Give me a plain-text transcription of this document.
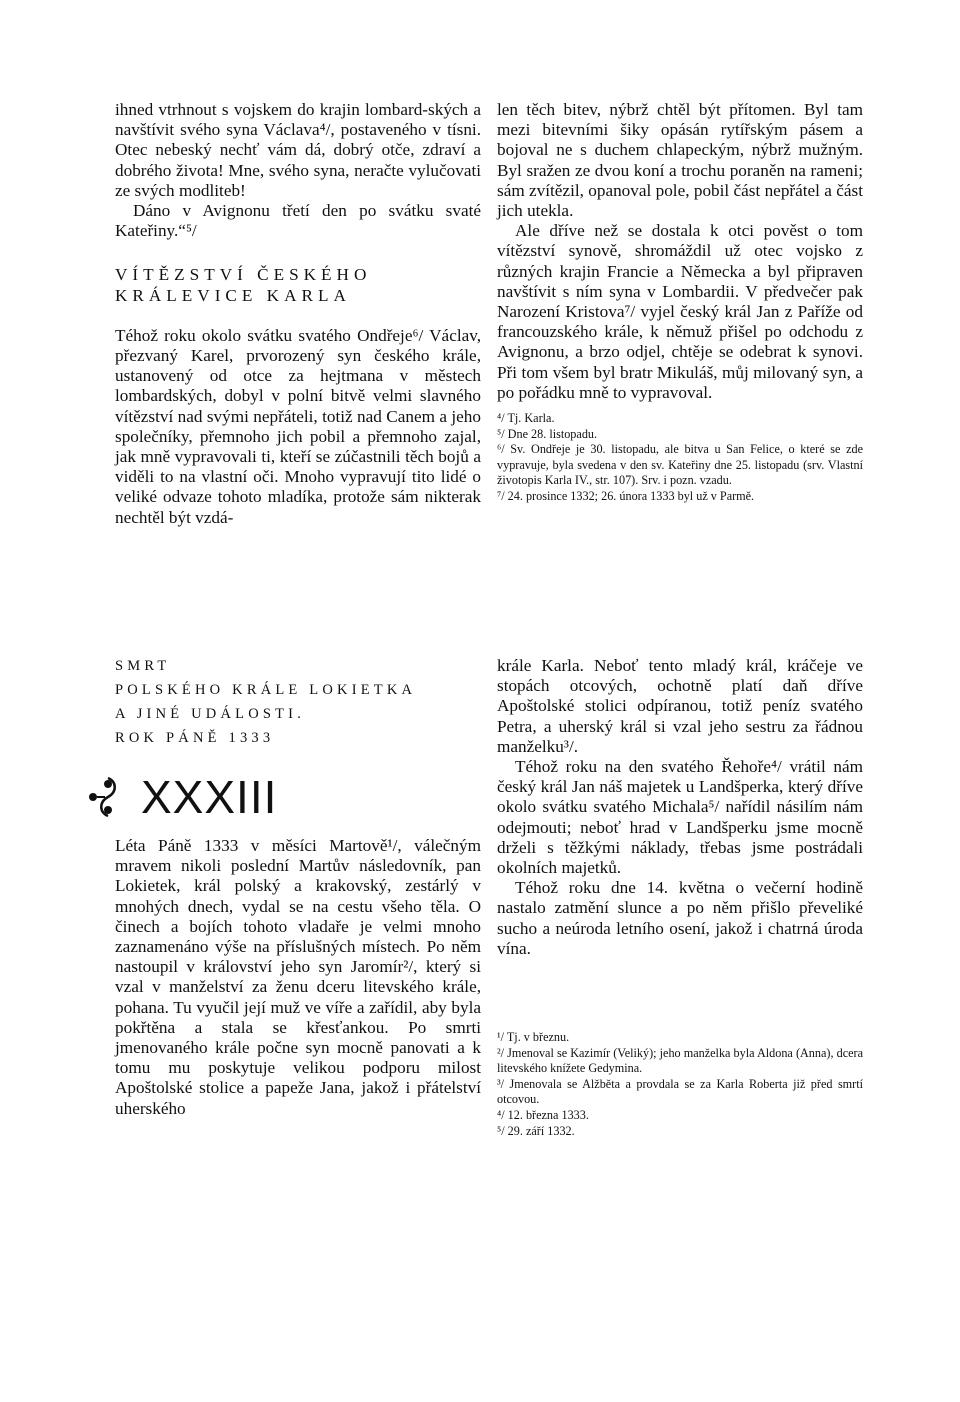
ihned vtrhnout s vojskem do krajin lombard-ských a navštívit svého syna Václava⁴/, postaveného v tísni. Otec nebeský nechť vám dá, dobrý otče, zdraví a dobrého života! Mne, svého syna, neračte vylučovati ze svých modliteb!

Dáno v Avignonu třetí den po svátku svaté Kateřiny.“⁵/

VÍTĚZSTVÍ ČESKÉHO

KRÁLEVICE KARLA

Téhož roku okolo svátku svatého Ondřeje⁶/ Václav, přezvaný Karel, prvorozený syn českého krále, ustanovený od otce za hejtmana v městech lombardských, dobyl v polní bitvě velmi slavného vítězství nad svými nepřáteli, totiž nad Canem a jeho společníky, přemnoho jich pobil a přemnoho zajal, jak mně vypravovali ti, kteří se zúčastnili těch bojů a viděli to na vlastní oči. Mnoho vypravují tito lidé o veliké odvaze tohoto mladíka, protože sám nikterak nechtěl být vzdá-

len těch bitev, nýbrž chtěl být přítomen. Byl tam mezi bitevními šiky opásán rytířským pásem a bojoval ne s duchem chlapeckým, nýbrž mužným. Byl sražen ze dvou koní a trochu poraněn na rameni; sám zvítězil, opanoval pole, pobil část nepřátel a část jich utekla.

Ale dříve než se dostala k otci pověst o tom vítězství synově, shromáždil už otec vojsko z různých krajin Francie a Německa a byl připraven navštívit s ním syna v Lombardii. V předvečer pak Narození Kristova⁷/ vyjel český král Jan z Paříže od francouzského krále, k němuž přišel po odchodu z Avignonu, a brzo odjel, chtěje se odebrat k synovi. Při tom všem byl bratr Mikuláš, můj milovaný syn, a po pořádku mně to vypravoval.

⁴/ Tj. Karla.

⁵/ Dne 28. listopadu.

⁶/ Sv. Ondřeje je 30. listopadu, ale bitva u San Felice, o které se zde vypravuje, byla svedena v den sv. Kateřiny dne 25. listopadu (srv. Vlastní životopis Karla IV., str. 107). Srv. i pozn. vzadu.

⁷/ 24. prosince 1332; 26. února 1333 byl už v Parmě.

SMRT

POLSKÉHO KRÁLE LOKIETKA

A JINÉ UDÁLOSTI.

ROK PÁNĚ 1333

XXXIII

Léta Páně 1333 v měsíci Martově¹/, válečným mravem nikoli poslední Martův následovník, pan Lokietek, král polský a krakovský, zestárlý v mnohých dnech, vydal se na cestu všeho těla. O činech a bojích tohoto vladaře je velmi mnoho zaznamenáno výše na příslušných místech. Po něm nastoupil v království jeho syn Jaromír²/, který si vzal v manželství za ženu dceru litevského krále, pohana. Tu vyučil její muž ve víře a zařídil, aby byla pokřtěna a stala se křesťankou. Po smrti jmenovaného krále počne syn mocně panovati a k tomu mu poskytuje velikou podporu milost Apoštolské stolice a papeže Jana, jakož i přátelství uherského

krále Karla. Neboť tento mladý král, kráčeje ve stopách otcových, ochotně platí daň dříve Apoštolské stolici odpíranou, totiž peníz svatého Petra, a uherský král si vzal jeho sestru za řádnou manželku³/.

Téhož roku na den svatého Řehoře⁴/ vrátil nám český král Jan náš majetek u Landšperka, který dříve okolo svátku svatého Michala⁵/ nařídil násilím nám odejmouti; neboť hrad v Landšperku jsme mocně drželi s těžkými náklady, třebas jsme postrádali okolních majetků.

Téhož roku dne 14. května o večerní hodině nastalo zatmění slunce a po něm přišlo převeliké sucho a neúroda letního osení, jakož i chatrná úroda vína.

¹/ Tj. v březnu.

²/ Jmenoval se Kazimír (Veliký); jeho manželka byla Aldona (Anna), dcera litevského knížete Gedymina.

³/ Jmenovala se Alžběta a provdala se za Karla Roberta již před smrtí otcovou.

⁴/ 12. března 1333.

⁵/ 29. září 1332.
